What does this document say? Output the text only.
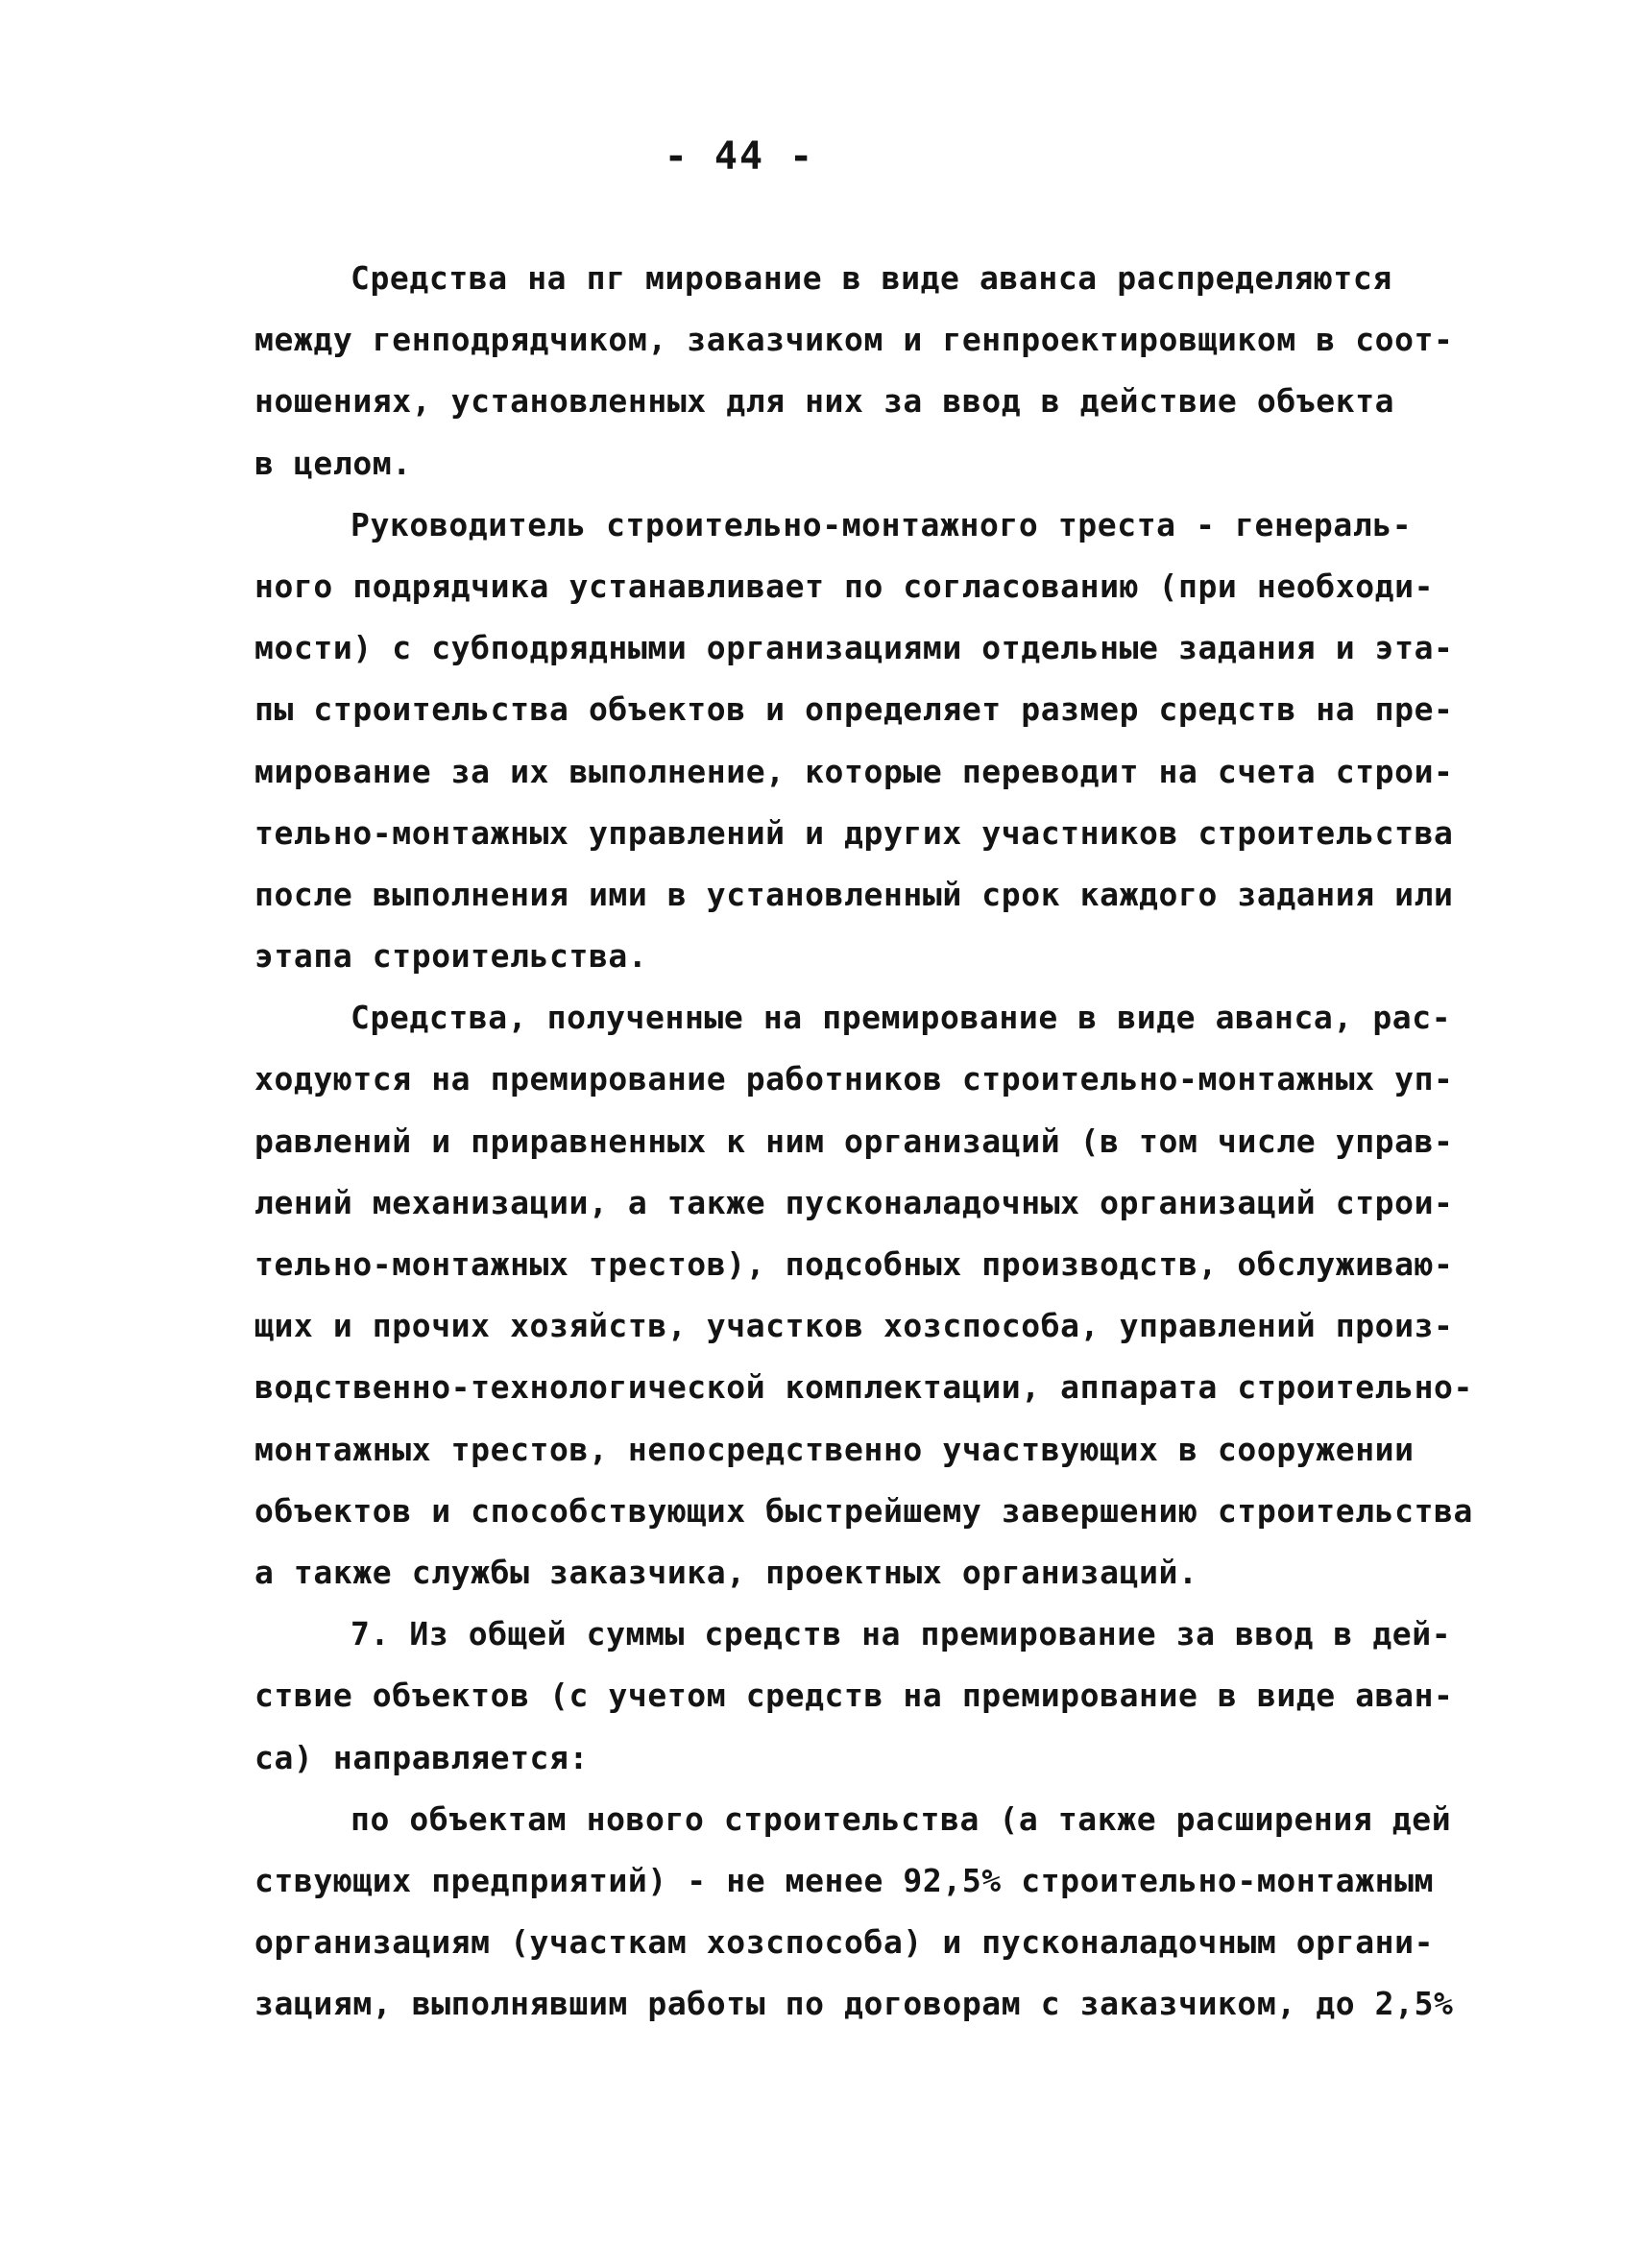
- 44 -
Средства на пг мирование в виде аванса распределяются
между генподрядчиком, заказчиком и генпроектировщиком в соот-
ношениях, установленных для них за ввод в действие объекта
в целом.
Руководитель строительно-монтажного треста - генераль-
ного подрядчика устанавливает по согласованию (при необходи-
мости) с субподрядными организациями отдельные задания и эта-
пы строительства объектов и определяет размер средств на пре-
мирование за их выполнение, которые переводит на счета строи-
тельно-монтажных управлений и других участников строительства
после выполнения ими в установленный срок каждого задания или
этапа строительства.
Средства, полученные на премирование в виде аванса, рас-
ходуются на премирование работников строительно-монтажных уп-
равлений и приравненных к ним организаций (в том числе управ-
лений механизации, а также пусконаладочных организаций строи-
тельно-монтажных трестов), подсобных производств, обслуживаю-
щих и прочих хозяйств, участков хозспособа, управлений произ-
водственно-технологической комплектации, аппарата строительно-
монтажных трестов, непосредственно участвующих в сооружении
объектов и способствующих быстрейшему завершению строительства
а также службы заказчика, проектных организаций.
7. Из общей суммы средств на премирование за ввод в дей-
ствие объектов (с учетом средств на премирование в виде аван-
са) направляется:
по объектам нового строительства (а также расширения дей
ствующих предприятий) - не менее 92,5% строительно-монтажным
организациям (участкам хозспособа) и пусконаладочным органи-
зациям, выполнявшим работы по договорам с заказчиком, до 2,5%
